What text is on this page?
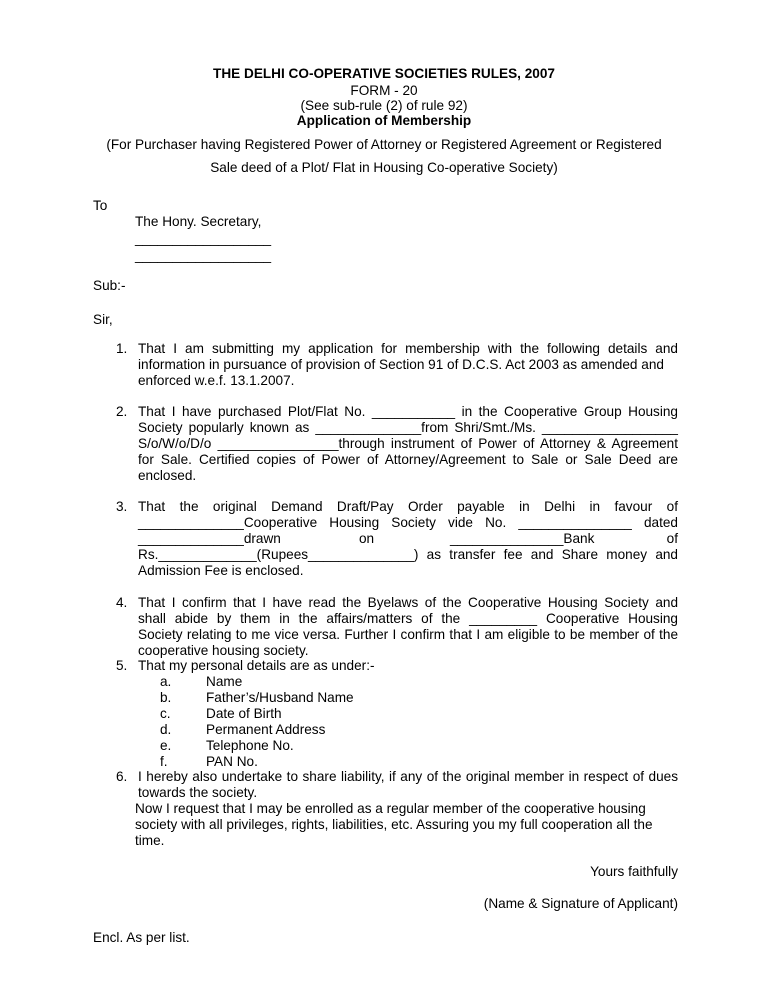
THE DELHI CO-OPERATIVE SOCIETIES RULES, 2007
FORM - 20
(See sub-rule (2) of rule 92)
Application of Membership
(For Purchaser having Registered Power of Attorney or Registered Agreement or Registered
Sale deed of a Plot/ Flat in Housing Co-operative Society)
To
The Hony. Secretary,
__________________
__________________
Sub:-
Sir,
1. That I am submitting my application for membership with the following details and
information in pursuance of provision of Section 91 of D.C.S. Act 2003 as amended and
enforced w.e.f. 13.1.2007.
2. That I have purchased Plot/Flat No. ___________ in the Cooperative Group Housing
Society popularly known as ______________from Shri/Smt./Ms. __________________
S/o/W/o/D/o ________________through instrument of Power of Attorney & Agreement
for Sale. Certified copies of Power of Attorney/Agreement to Sale or Sale Deed are
enclosed.
3. That the original Demand Draft/Pay Order payable in Delhi in favour of
______________Cooperative Housing Society vide No. _______________ dated
______________drawn	on	_______________Bank	of
Rs._____________(Rupees______________) as transfer fee and Share money and
Admission Fee is enclosed.
4. That I confirm that I have read the Byelaws of the Cooperative Housing Society and
shall abide by them in the affairs/matters of the _________ Cooperative Housing
Society relating to me vice versa. Further I confirm that I am eligible to be member of the
cooperative housing society.
5. That my personal details are as under:-
a.	Name
b.	Father’s/Husband Name
c.	Date of Birth
d.	Permanent Address
e.	Telephone No.
f.	PAN No.
6. I hereby also undertake to share liability, if any of the original member in respect of dues
towards the society.
Now I request that I may be enrolled as a regular member of the cooperative housing
society with all privileges, rights, liabilities, etc. Assuring you my full cooperation all the
time.
Yours faithfully
(Name & Signature of Applicant)
Encl. As per list.
